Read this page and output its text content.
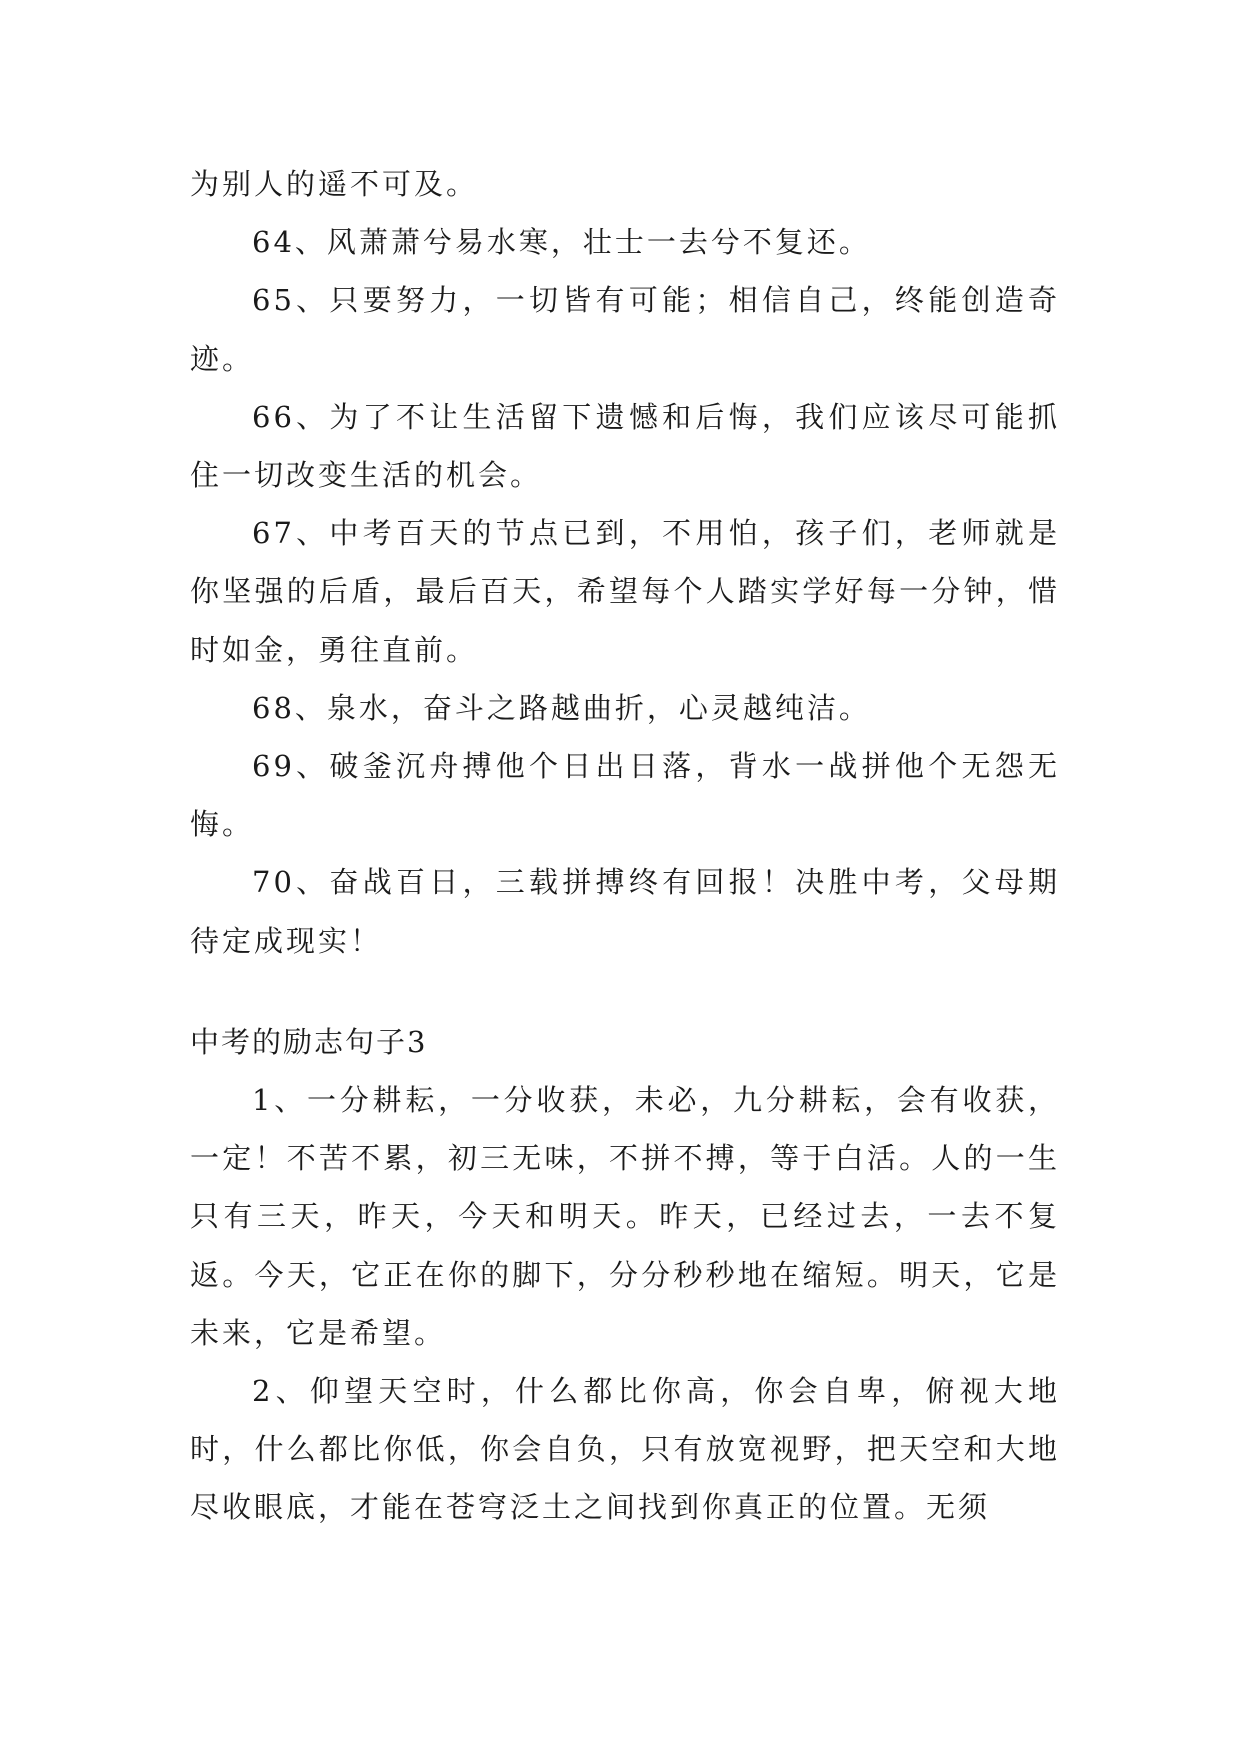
为别人的遥不可及。

64、风萧萧兮易水寒，壮士一去兮不复还。

65、只要努力，一切皆有可能；相信自己，终能创造奇迹。

66、为了不让生活留下遗憾和后悔，我们应该尽可能抓住一切改变生活的机会。

67、中考百天的节点已到，不用怕，孩子们，老师就是你坚强的后盾，最后百天，希望每个人踏实学好每一分钟，惜时如金，勇往直前。

68、泉水，奋斗之路越曲折，心灵越纯洁。

69、破釜沉舟搏他个日出日落，背水一战拼他个无怨无悔。

70、奋战百日，三载拼搏终有回报！决胜中考，父母期待定成现实！

中考的励志句子3

1、一分耕耘，一分收获，未必，九分耕耘，会有收获，一定！不苦不累，初三无味，不拼不搏，等于白活。人的一生只有三天，昨天，今天和明天。昨天，已经过去，一去不复返。今天，它正在你的脚下，分分秒秒地在缩短。明天，它是未来，它是希望。

2、仰望天空时，什么都比你高，你会自卑，俯视大地时，什么都比你低，你会自负，只有放宽视野，把天空和大地尽收眼底，才能在苍穹泛土之间找到你真正的位置。无须
